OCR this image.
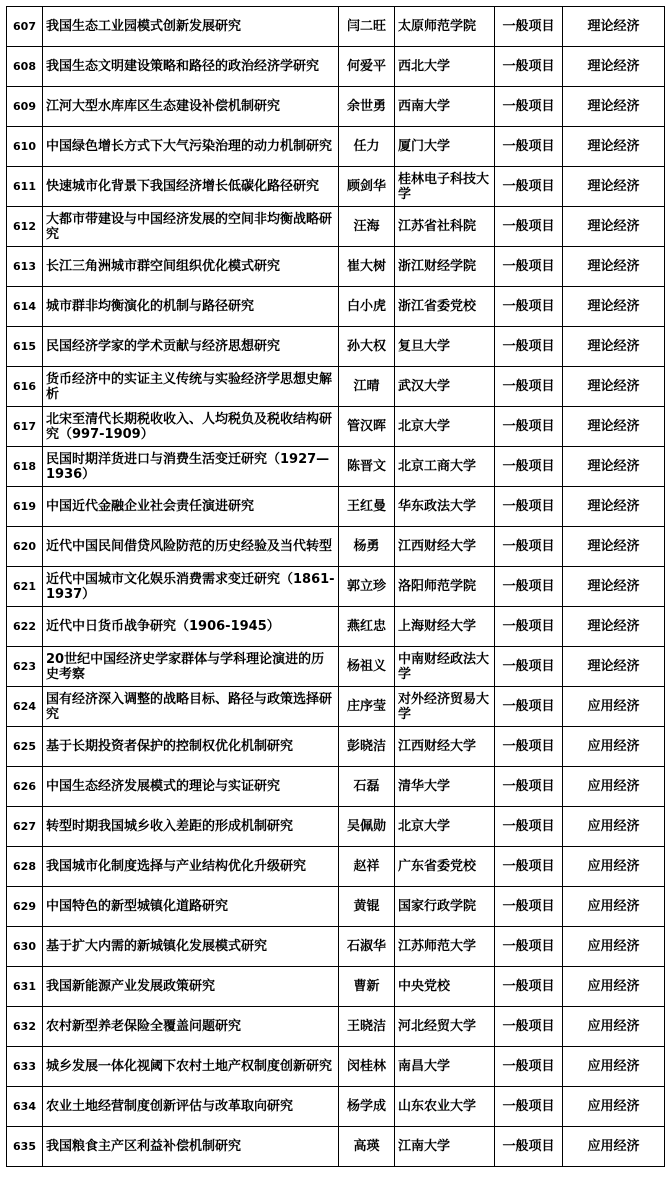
607	我国生态工业园模式创新发展研究	闫二旺	太原师范学院	一般项目	理论经济
608	我国生态文明建设策略和路径的政治经济学研究	何爱平	西北大学	一般项目	理论经济
609	江河大型水库库区生态建设补偿机制研究	余世勇	西南大学	一般项目	理论经济
610	中国绿色增长方式下大气污染治理的动力机制研究	任力	厦门大学	一般项目	理论经济
611	快速城市化背景下我国经济增长低碳化路径研究	顾剑华	桂林电子科技大学	一般项目	理论经济
612	大都市带建设与中国经济发展的空间非均衡战略研究	汪海	江苏省社科院	一般项目	理论经济
613	长江三角洲城市群空间组织优化模式研究	崔大树	浙江财经学院	一般项目	理论经济
614	城市群非均衡演化的机制与路径研究	白小虎	浙江省委党校	一般项目	理论经济
615	民国经济学家的学术贡献与经济思想研究	孙大权	复旦大学	一般项目	理论经济
616	货币经济中的实证主义传统与实验经济学思想史解析	江晴	武汉大学	一般项目	理论经济
617	北宋至清代长期税收收入、人均税负及税收结构研究（997-1909）	管汉晖	北京大学	一般项目	理论经济
618	民国时期洋货进口与消费生活变迁研究（1927—1936）	陈晋文	北京工商大学	一般项目	理论经济
619	中国近代金融企业社会责任演进研究	王红曼	华东政法大学	一般项目	理论经济
620	近代中国民间借贷风险防范的历史经验及当代转型	杨勇	江西财经大学	一般项目	理论经济
621	近代中国城市文化娱乐消费需求变迁研究（1861-1937）	郭立珍	洛阳师范学院	一般项目	理论经济
622	近代中日货币战争研究（1906-1945）	燕红忠	上海财经大学	一般项目	理论经济
623	20世纪中国经济史学家群体与学科理论演进的历史考察	杨祖义	中南财经政法大学	一般项目	理论经济
624	国有经济深入调整的战略目标、路径与政策选择研究	庄序莹	对外经济贸易大学	一般项目	应用经济
625	基于长期投资者保护的控制权优化机制研究	彭晓洁	江西财经大学	一般项目	应用经济
626	中国生态经济发展模式的理论与实证研究	石磊	清华大学	一般项目	应用经济
627	转型时期我国城乡收入差距的形成机制研究	吴佩勋	北京大学	一般项目	应用经济
628	我国城市化制度选择与产业结构优化升级研究	赵祥	广东省委党校	一般项目	应用经济
629	中国特色的新型城镇化道路研究	黄锟	国家行政学院	一般项目	应用经济
630	基于扩大内需的新城镇化发展模式研究	石淑华	江苏师范大学	一般项目	应用经济
631	我国新能源产业发展政策研究	曹新	中央党校	一般项目	应用经济
632	农村新型养老保险全覆盖问题研究	王晓洁	河北经贸大学	一般项目	应用经济
633	城乡发展一体化视阈下农村土地产权制度创新研究	闵桂林	南昌大学	一般项目	应用经济
634	农业土地经营制度创新评估与改革取向研究	杨学成	山东农业大学	一般项目	应用经济
635	我国粮食主产区利益补偿机制研究	高瑛	江南大学	一般项目	应用经济
